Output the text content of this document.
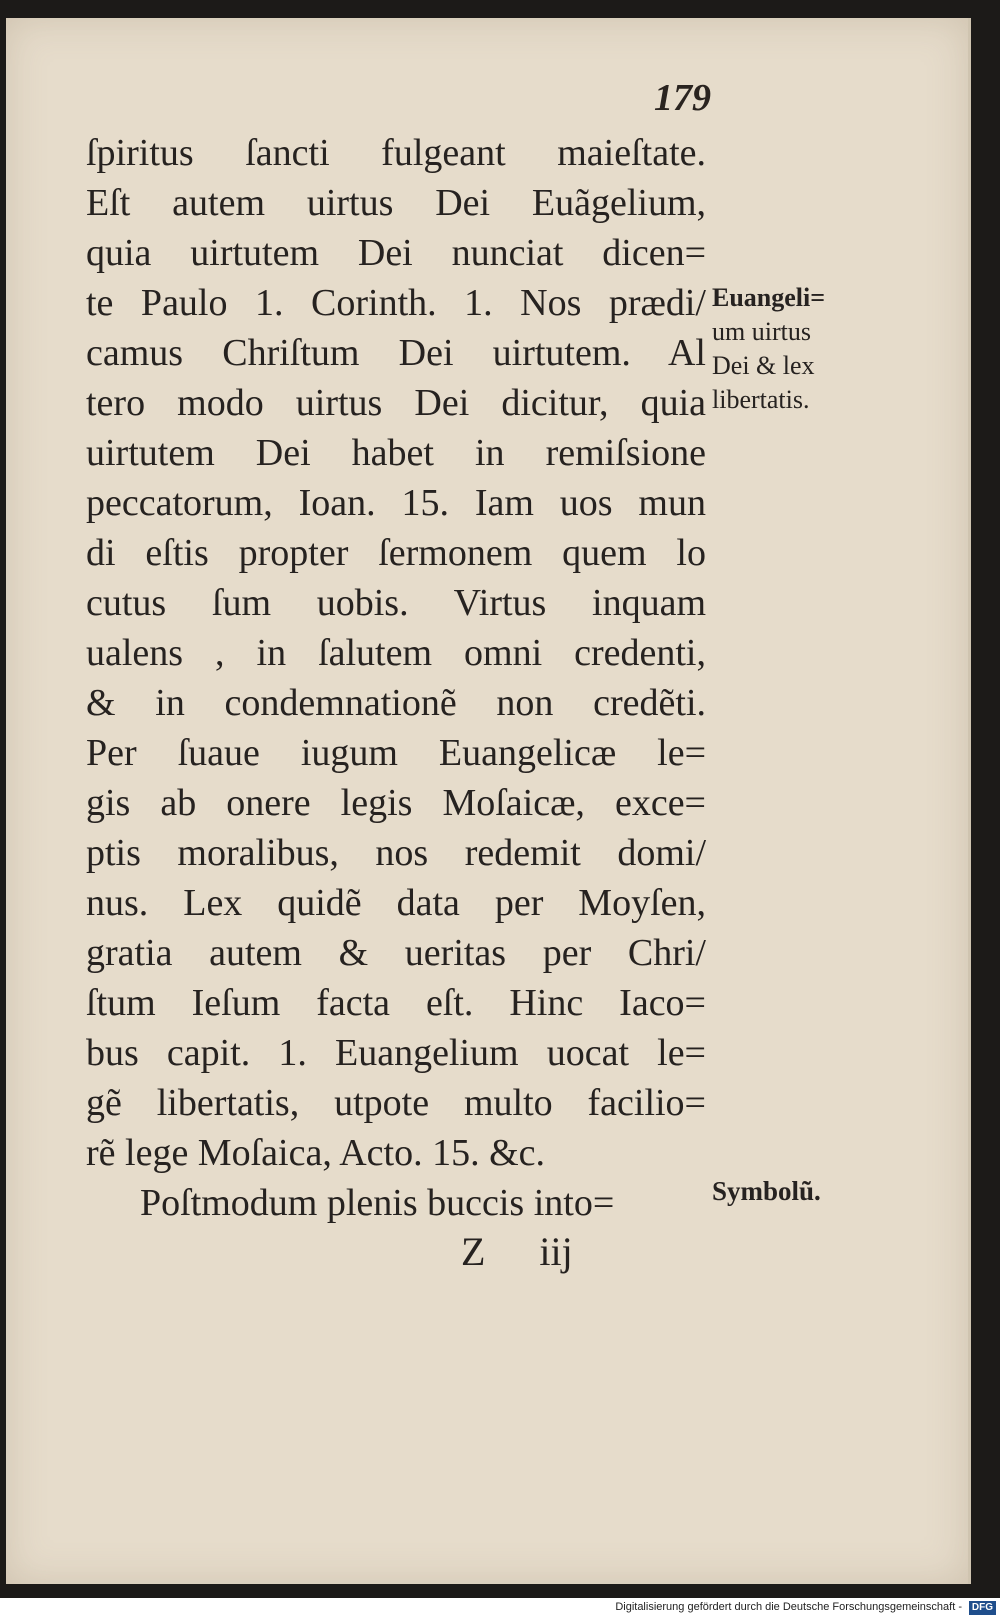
179
ſpiritus ſancti fulgeant maieſtate.
Eſt autem uirtus Dei Euãgelium,
quia uirtutem Dei nunciat dicen=
te Paulo 1. Corinth. 1. Nos prædi/
camus Chriſtum Dei uirtutem. Al
tero modo uirtus Dei dicitur, quia
uirtutem Dei habet in remiſsione
peccatorum, Ioan. 15. Iam uos mun
di eſtis propter ſermonem quem lo
cutus ſum uobis. Virtus inquam
ualens , in ſalutem omni credenti,
& in condemnationẽ non credẽti.
Per ſuaue iugum Euangelicæ le=
gis ab onere legis Moſaicæ, exce=
ptis moralibus, nos redemit domi/
nus. Lex quidẽ data per Moyſen,
gratia autem & ueritas per Chri/
ſtum Ieſum facta eſt. Hinc Iaco=
bus capit. 1. Euangelium uocat le=
gẽ libertatis, utpote multo facilio=
rẽ lege Moſaica, Acto. 15. &c.
Poſtmodum plenis buccis into=
Euangeli=
um uirtus
Dei & lex
libertatis.
Symbolũ.
Z iij
Digitalisierung gefördert durch die Deutsche Forschungsgemeinschaft - DFG
